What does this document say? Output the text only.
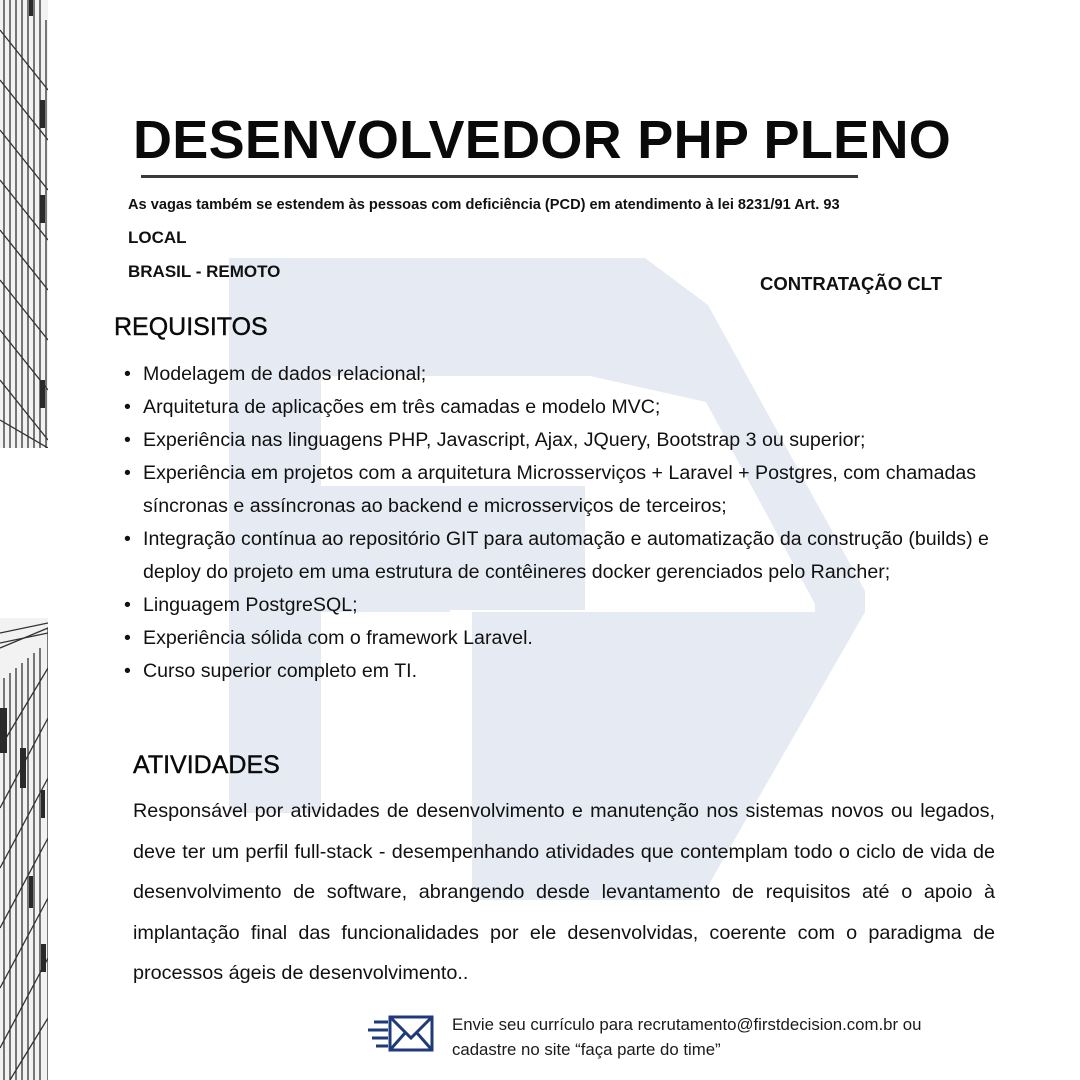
DESENVOLVEDOR PHP PLENO
As vagas também se estendem às pessoas com deficiência (PCD) em atendimento à lei 8231/91 Art. 93
LOCAL
BRASIL - REMOTO
CONTRATAÇÃO CLT
REQUISITOS
• Modelagem de dados relacional;
• Arquitetura de aplicações em três camadas e modelo MVC;
• Experiência nas linguagens PHP, Javascript, Ajax, JQuery, Bootstrap 3 ou superior;
• Experiência em projetos com a arquitetura Microsserviços + Laravel + Postgres, com chamadas síncronas e assíncronas ao backend e microsserviços de terceiros;
• Integração contínua ao repositório GIT para automação e automatização da construção (builds) e deploy do projeto em uma estrutura de contêineres docker gerenciados pelo Rancher;
• Linguagem PostgreSQL;
• Experiência sólida com o framework Laravel.
• Curso superior completo em TI.
ATIVIDADES

Responsável por atividades de desenvolvimento e manutenção nos sistemas novos ou legados, deve ter um perfil full-stack - desempenhando atividades que contemplam todo o ciclo de vida de desenvolvimento de software, abrangendo desde levantamento de requisitos até o apoio à implantação final das funcionalidades por ele desenvolvidas, coerente com o paradigma de processos ágeis de desenvolvimento..

Envie seu currículo para recrutamento@firstdecision.com.br ou
cadastre no site “faça parte do time”
